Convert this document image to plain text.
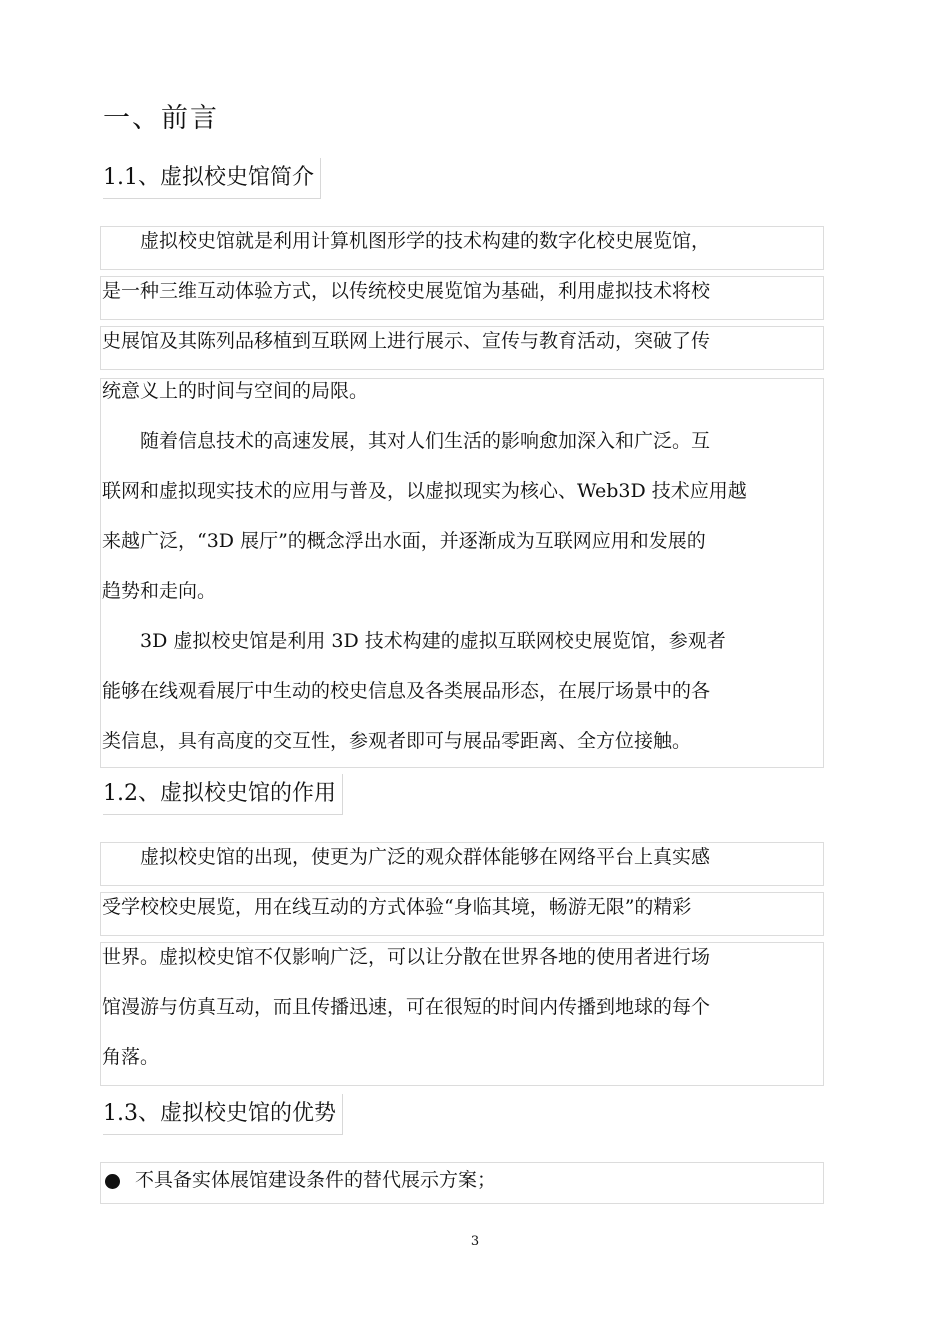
一、前言
1.1、虚拟校史馆简介
　　虚拟校史馆就是利用计算机图形学的技术构建的数字化校史展览馆，
是一种三维互动体验方式，以传统校史展览馆为基础，利用虚拟技术将校
史展馆及其陈列品移植到互联网上进行展示、宣传与教育活动，突破了传
统意义上的时间与空间的局限。
　　随着信息技术的高速发展，其对人们生活的影响愈加深入和广泛。互
联网和虚拟现实技术的应用与普及，以虚拟现实为核心、Web3D 技术应用越
来越广泛，“3D 展厅”的概念浮出水面，并逐渐成为互联网应用和发展的
趋势和走向。
　　3D 虚拟校史馆是利用 3D 技术构建的虚拟互联网校史展览馆，参观者
能够在线观看展厅中生动的校史信息及各类展品形态，在展厅场景中的各
类信息，具有高度的交互性，参观者即可与展品零距离、全方位接触。
1.2、虚拟校史馆的作用
　　虚拟校史馆的出现，使更为广泛的观众群体能够在网络平台上真实感
受学校校史展览，用在线互动的方式体验“身临其境，畅游无限”的精彩
世界。虚拟校史馆不仅影响广泛，可以让分散在世界各地的使用者进行场
馆漫游与仿真互动，而且传播迅速，可在很短的时间内传播到地球的每个
角落。
1.3、虚拟校史馆的优势
不具备实体展馆建设条件的替代展示方案；
3
